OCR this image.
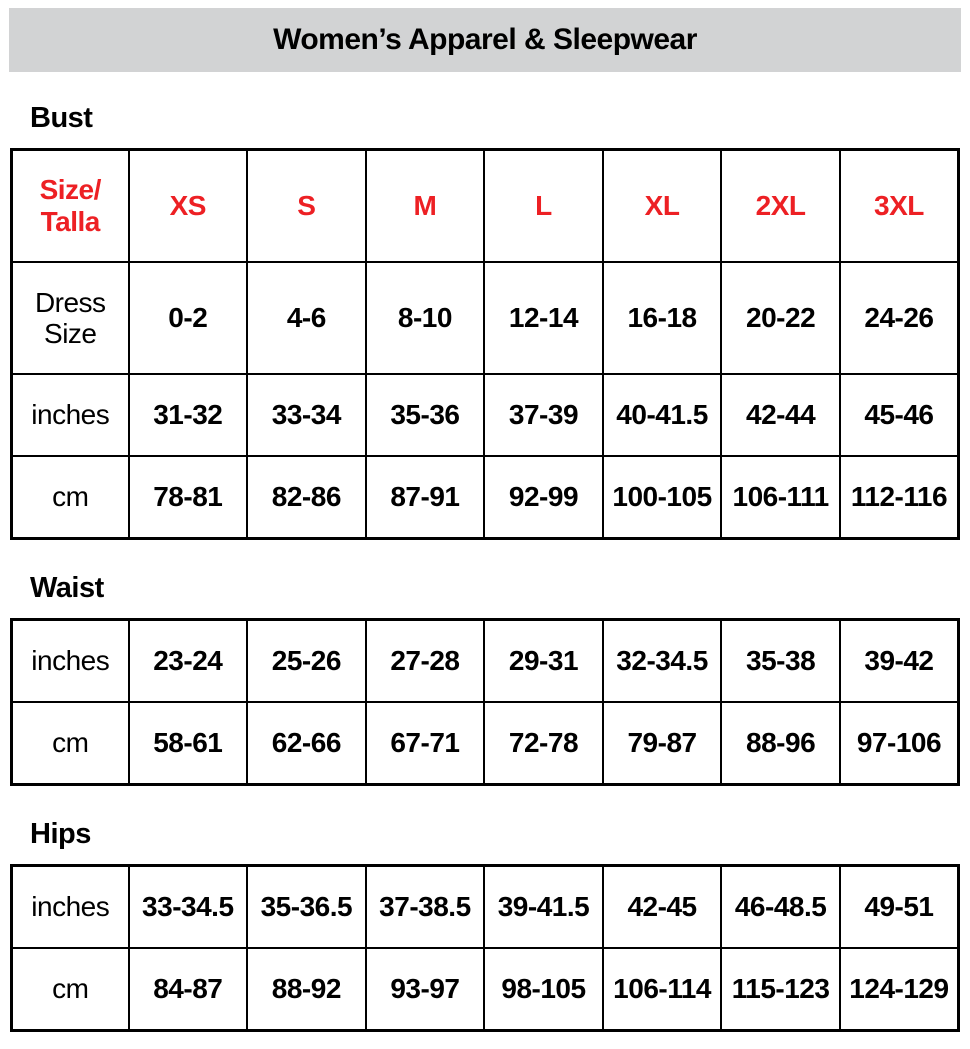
Women’s Apparel & Sleepwear
Bust
Size/
Talla	XS	S	M	L	XL	2XL	3XL
Dress Size	0-2	4-6	8-10	12-14	16-18	20-22	24-26
inches	31-32	33-34	35-36	37-39	40-41.5	42-44	45-46
cm	78-81	82-86	87-91	92-99	100-105	106-111	112-116
Waist
inches	23-24	25-26	27-28	29-31	32-34.5	35-38	39-42
cm	58-61	62-66	67-71	72-78	79-87	88-96	97-106
Hips
inches	33-34.5	35-36.5	37-38.5	39-41.5	42-45	46-48.5	49-51
cm	84-87	88-92	93-97	98-105	106-114	115-123	124-129
